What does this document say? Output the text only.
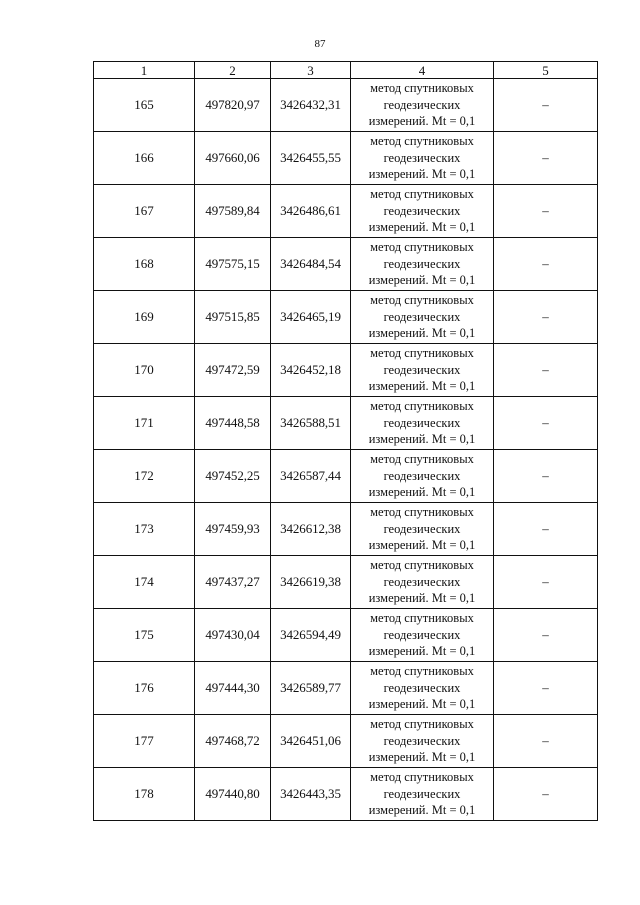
87
1	2	3	4	5
165	497820,97	3426432,31	метод спутниковых
геодезических
измерений. Mt = 0,1	–
166	497660,06	3426455,55	метод спутниковых
геодезических
измерений. Mt = 0,1	–
167	497589,84	3426486,61	метод спутниковых
геодезических
измерений. Mt = 0,1	–
168	497575,15	3426484,54	метод спутниковых
геодезических
измерений. Mt = 0,1	–
169	497515,85	3426465,19	метод спутниковых
геодезических
измерений. Mt = 0,1	–
170	497472,59	3426452,18	метод спутниковых
геодезических
измерений. Mt = 0,1	–
171	497448,58	3426588,51	метод спутниковых
геодезических
измерений. Mt = 0,1	–
172	497452,25	3426587,44	метод спутниковых
геодезических
измерений. Mt = 0,1	–
173	497459,93	3426612,38	метод спутниковых
геодезических
измерений. Mt = 0,1	–
174	497437,27	3426619,38	метод спутниковых
геодезических
измерений. Mt = 0,1	–
175	497430,04	3426594,49	метод спутниковых
геодезических
измерений. Mt = 0,1	–
176	497444,30	3426589,77	метод спутниковых
геодезических
измерений. Mt = 0,1	–
177	497468,72	3426451,06	метод спутниковых
геодезических
измерений. Mt = 0,1	–
178	497440,80	3426443,35	метод спутниковых
геодезических
измерений. Mt = 0,1	–
